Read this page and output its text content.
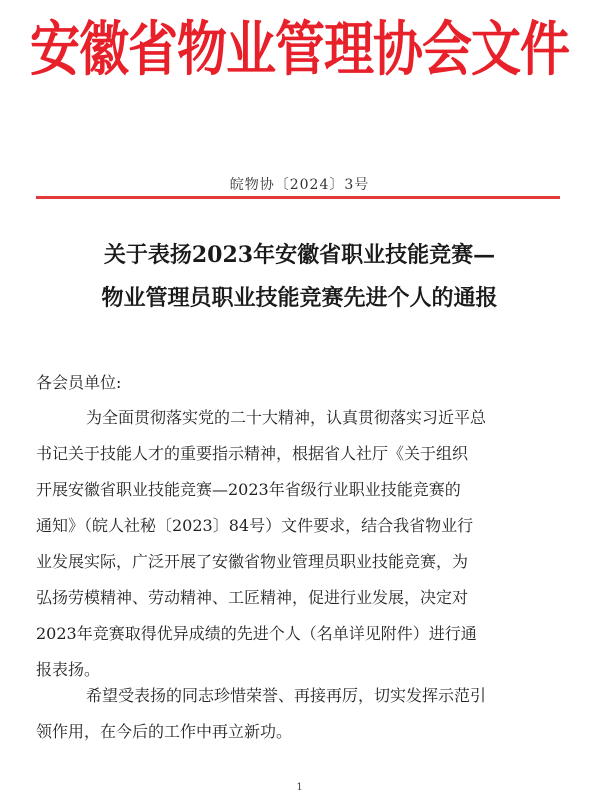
安徽省物业管理协会文件
皖物协〔2024〕3号
关于表扬2023年安徽省职业技能竞赛—
物业管理员职业技能竞赛先进个人的通报
各会员单位:
为全面贯彻落实党的二十大精神，认真贯彻落实习近平总
书记关于技能人才的重要指示精神，根据省人社厅《关于组织
开展安徽省职业技能竞赛—2023年省级行业职业技能竞赛的
通知》（皖人社秘〔2023〕84号）文件要求，结合我省物业行
业发展实际，广泛开展了安徽省物业管理员职业技能竞赛，为
弘扬劳模精神、劳动精神、工匠精神，促进行业发展，决定对
2023年竞赛取得优异成绩的先进个人（名单详见附件）进行通
报表扬。
希望受表扬的同志珍惜荣誉、再接再厉，切实发挥示范引
领作用，在今后的工作中再立新功。
1
